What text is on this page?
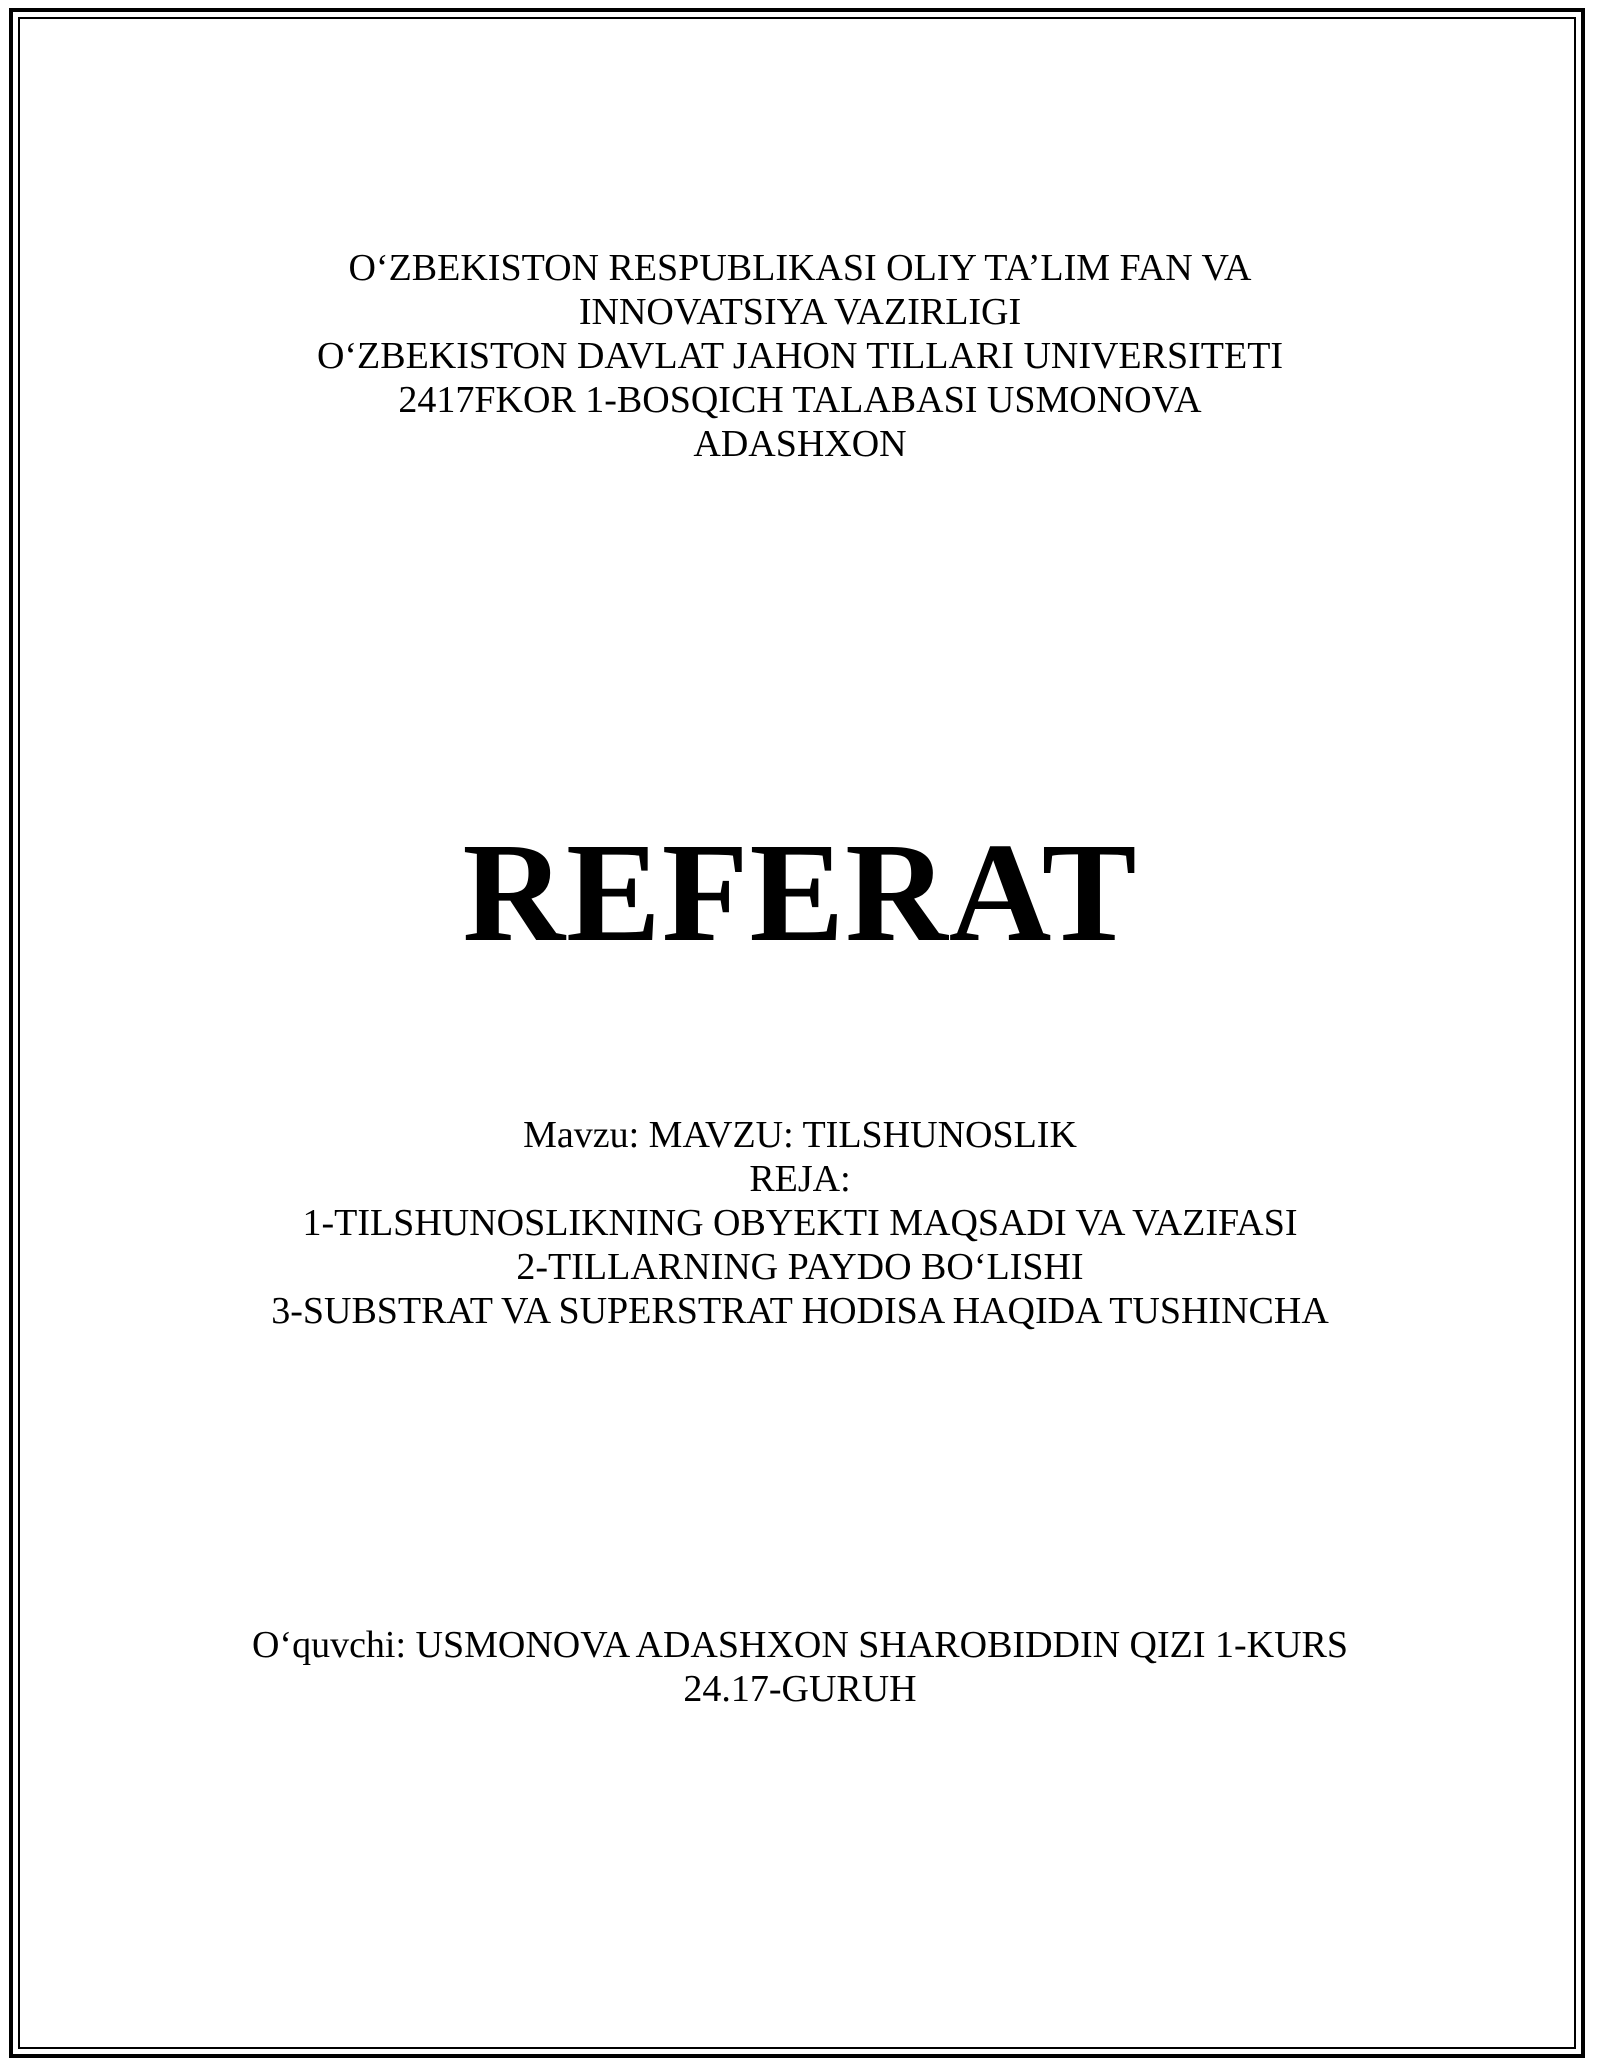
O‘ZBEKISTON RESPUBLIKASI OLIY TA’LIM FAN VA
INNOVATSIYA VAZIRLIGI
O‘ZBEKISTON DAVLAT JAHON TILLARI UNIVERSITETI
2417FKOR 1-BOSQICH TALABASI USMONOVA
ADASHXON
REFERAT
Mavzu: MAVZU: TILSHUNOSLIK
REJA:
1-TILSHUNOSLIKNING OBYEKTI MAQSADI VA VAZIFASI
2-TILLARNING PAYDO BO‘LISHI
3-SUBSTRAT VA SUPERSTRAT HODISA HAQIDA TUSHINCHA
O‘quvchi: USMONOVA ADASHXON SHAROBIDDIN QIZI 1-KURS
24.17-GURUH
